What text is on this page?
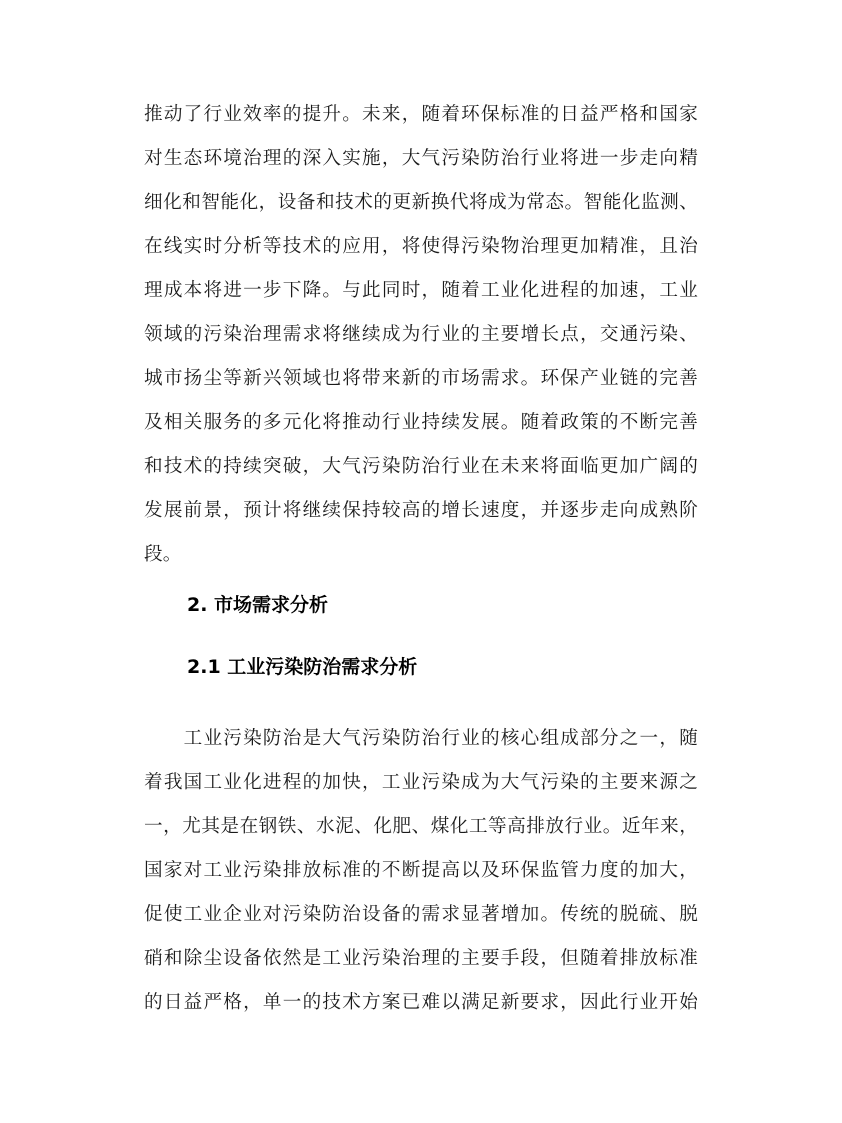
推动了行业效率的提升。未来，随着环保标准的日益严格和国家
对生态环境治理的深入实施，大气污染防治行业将进一步走向精
细化和智能化，设备和技术的更新换代将成为常态。智能化监测、
在线实时分析等技术的应用，将使得污染物治理更加精准，且治
理成本将进一步下降。与此同时，随着工业化进程的加速，工业
领域的污染治理需求将继续成为行业的主要增长点，交通污染、
城市扬尘等新兴领域也将带来新的市场需求。环保产业链的完善
及相关服务的多元化将推动行业持续发展。随着政策的不断完善
和技术的持续突破，大气污染防治行业在未来将面临更加广阔的
发展前景，预计将继续保持较高的增长速度，并逐步走向成熟阶
段。
2. 市场需求分析
2.1 工业污染防治需求分析
　　工业污染防治是大气污染防治行业的核心组成部分之一，随
着我国工业化进程的加快，工业污染成为大气污染的主要来源之
一，尤其是在钢铁、水泥、化肥、煤化工等高排放行业。近年来，
国家对工业污染排放标准的不断提高以及环保监管力度的加大，
促使工业企业对污染防治设备的需求显著增加。传统的脱硫、脱
硝和除尘设备依然是工业污染治理的主要手段，但随着排放标准
的日益严格，单一的技术方案已难以满足新要求，因此行业开始
